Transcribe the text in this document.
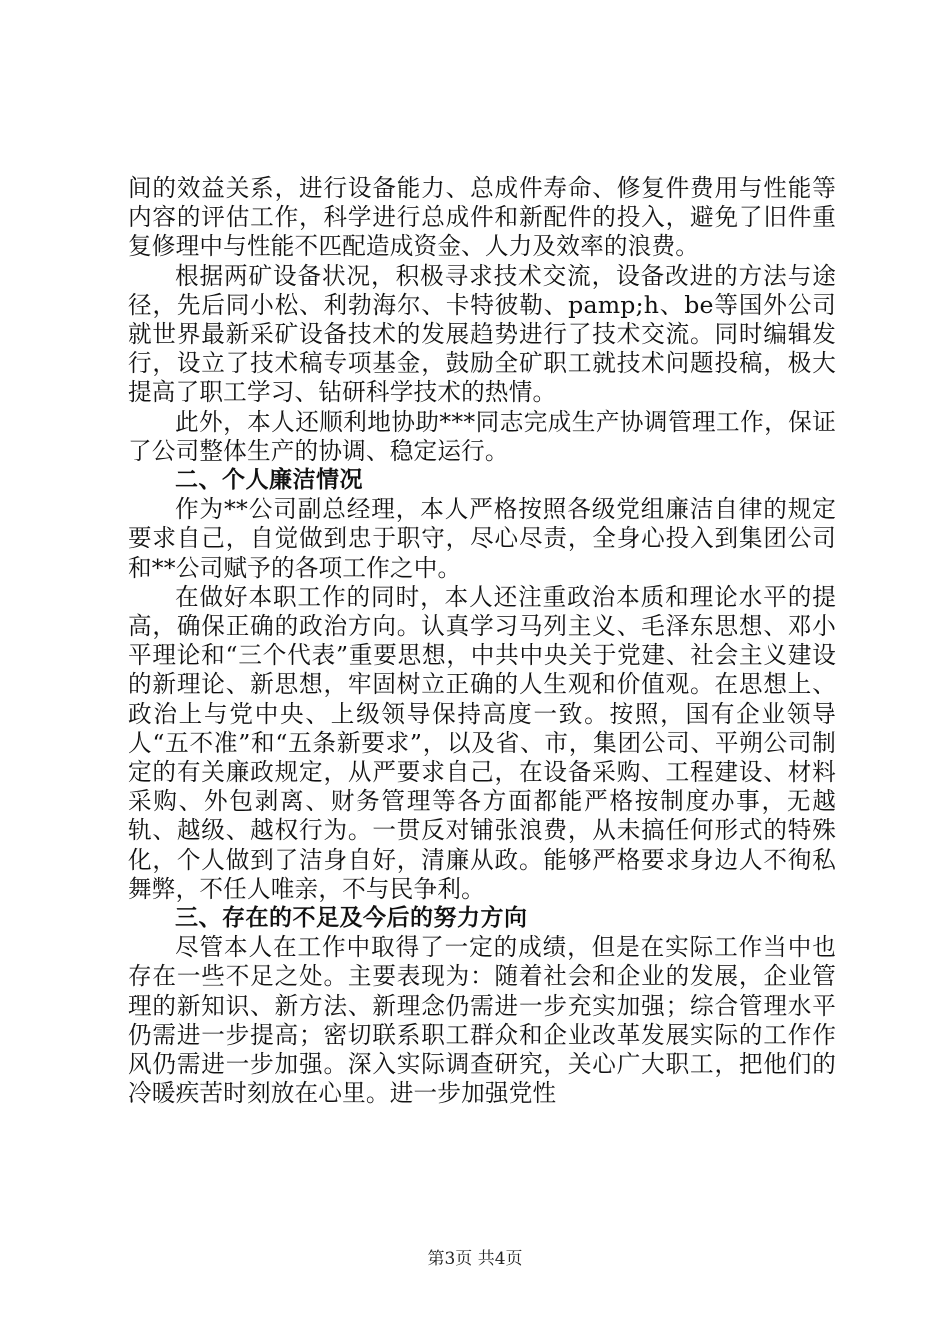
间的效益关系，进行设备能力、总成件寿命、修复件费用与性能等内容的评估工作，科学进行总成件和新配件的投入，避免了旧件重复修理中与性能不匹配造成资金、人力及效率的浪费。

根据两矿设备状况，积极寻求技术交流，设备改进的方法与途径，先后同小松、利勃海尔、卡特彼勒、pamp;h、be等国外公司就世界最新采矿设备技术的发展趋势进行了技术交流。同时编辑发行，设立了技术稿专项基金，鼓励全矿职工就技术问题投稿，极大提高了职工学习、钻研科学技术的热情。

此外，本人还顺利地协助***同志完成生产协调管理工作，保证了公司整体生产的协调、稳定运行。

二、个人廉洁情况

作为**公司副总经理，本人严格按照各级党组廉洁自律的规定要求自己，自觉做到忠于职守，尽心尽责，全身心投入到集团公司和**公司赋予的各项工作之中。

在做好本职工作的同时，本人还注重政治本质和理论水平的提高，确保正确的政治方向。认真学习马列主义、毛泽东思想、邓小平理论和“三个代表”重要思想，中共中央关于党建、社会主义建设的新理论、新思想，牢固树立正确的人生观和价值观。在思想上、政治上与党中央、上级领导保持高度一致。按照，国有企业领导人“五不准”和“五条新要求”，以及省、市，集团公司、平朔公司制定的有关廉政规定，从严要求自己，在设备采购、工程建设、材料采购、外包剥离、财务管理等各方面都能严格按制度办事，无越轨、越级、越权行为。一贯反对铺张浪费，从未搞任何形式的特殊化，个人做到了洁身自好，清廉从政。能够严格要求身边人不徇私舞弊，不任人唯亲，不与民争利。

三、存在的不足及今后的努力方向

尽管本人在工作中取得了一定的成绩，但是在实际工作当中也存在一些不足之处。主要表现为：随着社会和企业的发展，企业管理的新知识、新方法、新理念仍需进一步充实加强；综合管理水平仍需进一步提高；密切联系职工群众和企业改革发展实际的工作作风仍需进一步加强。深入实际调查研究，关心广大职工，把他们的冷暖疾苦时刻放在心里。进一步加强党性

第3页 共4页
